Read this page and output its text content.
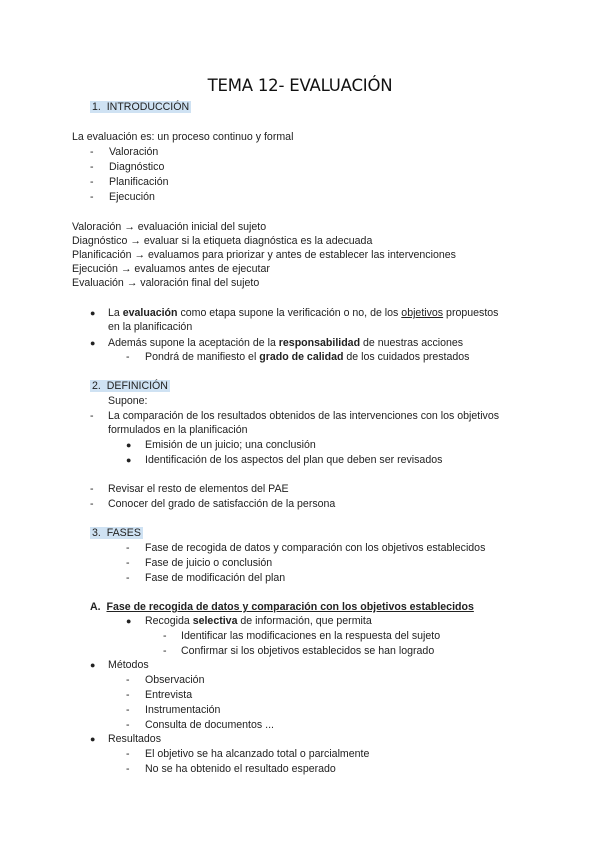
TEMA 12- EVALUACIÓN
1. INTRODUCCIÓN
La evaluación es: un proceso continuo y formal
- Valoración
- Diagnóstico
- Planificación
- Ejecución
Valoración → evaluación inicial del sujeto
Diagnóstico → evaluar si la etiqueta diagnóstica es la adecuada
Planificación → evaluamos para priorizar y antes de establecer las intervenciones
Ejecución → evaluamos antes de ejecutar
Evaluación → valoración final del sujeto
● La evaluación como etapa supone la verificación o no, de los objetivos propuestos
en la planificación
● Además supone la aceptación de la responsabilidad de nuestras acciones
- Pondrá de manifiesto el grado de calidad de los cuidados prestados
2. DEFINICIÓN
Supone:
- La comparación de los resultados obtenidos de las intervenciones con los objetivos
formulados en la planificación
● Emisión de un juicio; una conclusión
● Identificación de los aspectos del plan que deben ser revisados
- Revisar el resto de elementos del PAE
- Conocer del grado de satisfacción de la persona
3. FASES
- Fase de recogida de datos y comparación con los objetivos establecidos
- Fase de juicio o conclusión
- Fase de modificación del plan
A. Fase de recogida de datos y comparación con los objetivos establecidos
● Recogida selectiva de información, que permita
- Identificar las modificaciones en la respuesta del sujeto
- Confirmar si los objetivos establecidos se han logrado
● Métodos
- Observación
- Entrevista
- Instrumentación
- Consulta de documentos ...
● Resultados
- El objetivo se ha alcanzado total o parcialmente
- No se ha obtenido el resultado esperado
